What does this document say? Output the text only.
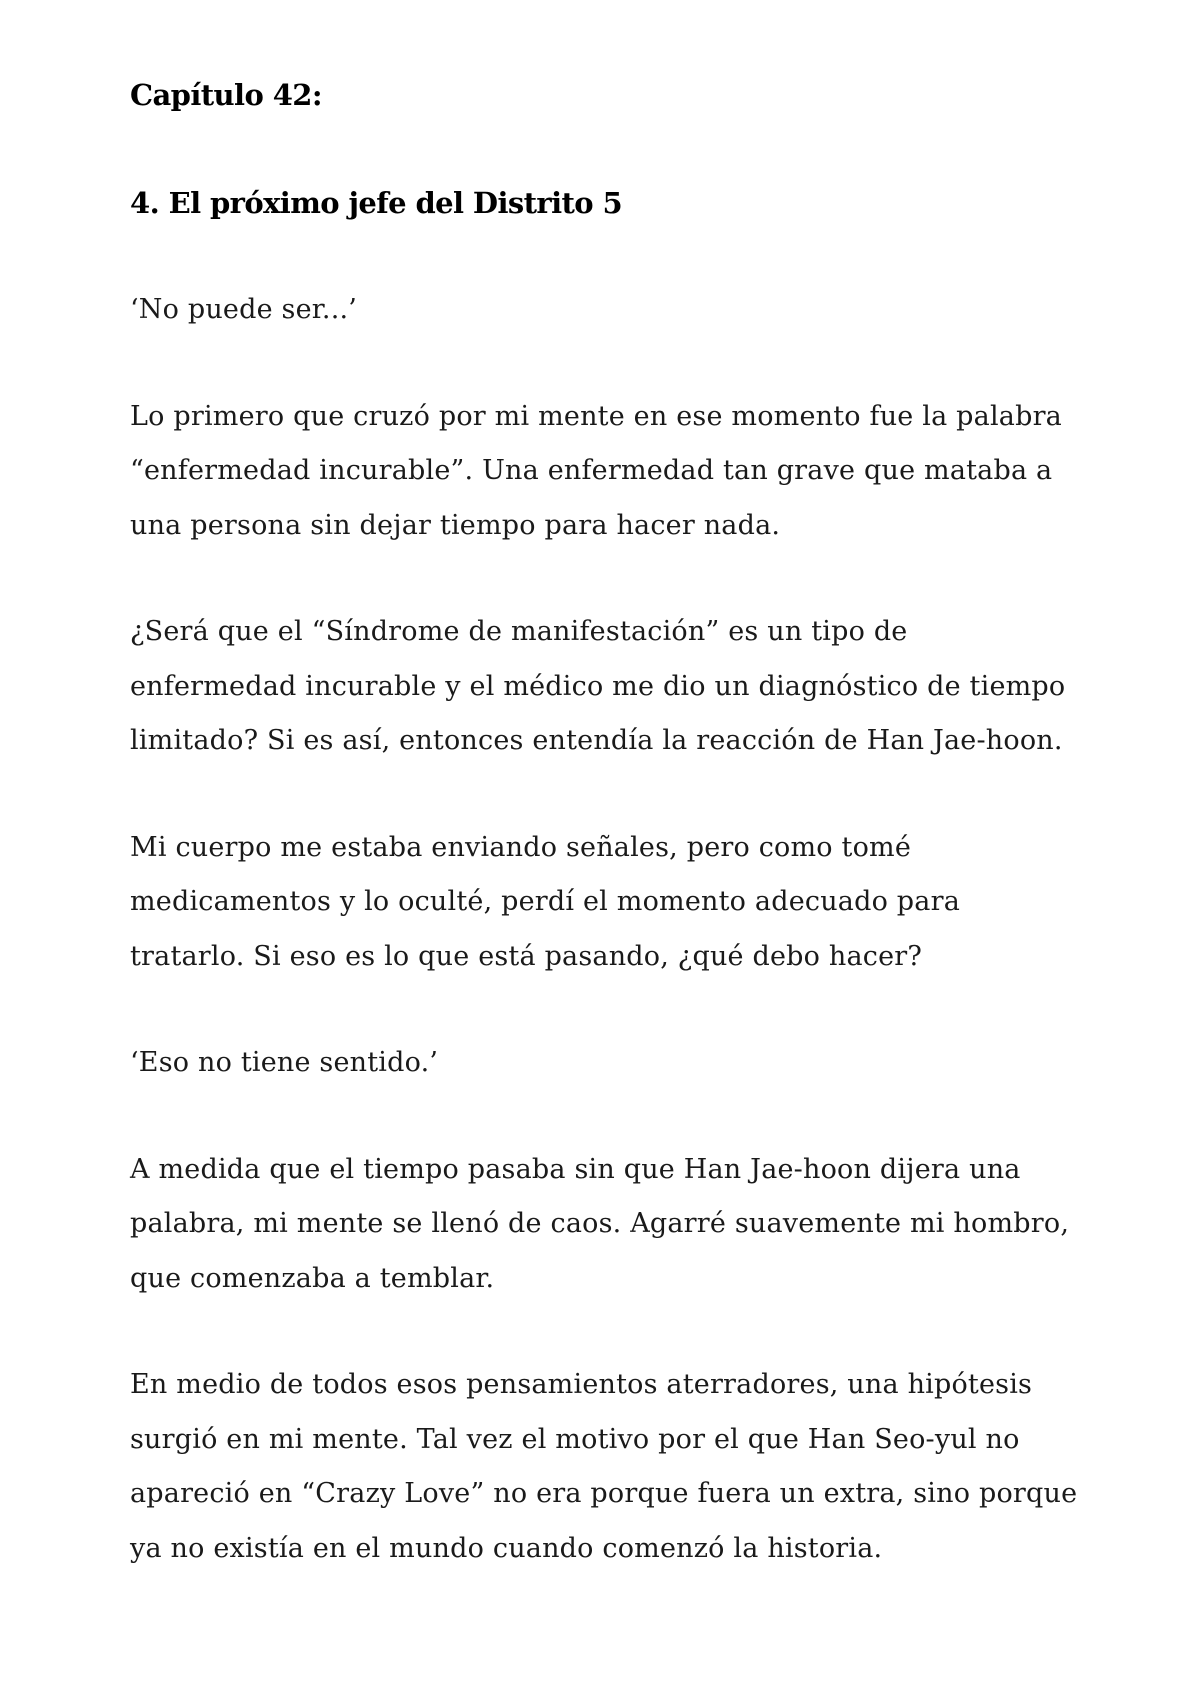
Capítulo 42:
4. El próximo jefe del Distrito 5

‘No puede ser...’

Lo primero que cruzó por mi mente en ese momento fue la palabra
“enfermedad incurable”. Una enfermedad tan grave que mataba a
una persona sin dejar tiempo para hacer nada.

¿Será que el “Síndrome de manifestación” es un tipo de
enfermedad incurable y el médico me dio un diagnóstico de tiempo
limitado? Si es así, entonces entendía la reacción de Han Jae-hoon.

Mi cuerpo me estaba enviando señales, pero como tomé
medicamentos y lo oculté, perdí el momento adecuado para
tratarlo. Si eso es lo que está pasando, ¿qué debo hacer?

‘Eso no tiene sentido.’

A medida que el tiempo pasaba sin que Han Jae-hoon dijera una
palabra, mi mente se llenó de caos. Agarré suavemente mi hombro,
que comenzaba a temblar.

En medio de todos esos pensamientos aterradores, una hipótesis
surgió en mi mente. Tal vez el motivo por el que Han Seo-yul no
apareció en “Crazy Love” no era porque fuera un extra, sino porque
ya no existía en el mundo cuando comenzó la historia.
